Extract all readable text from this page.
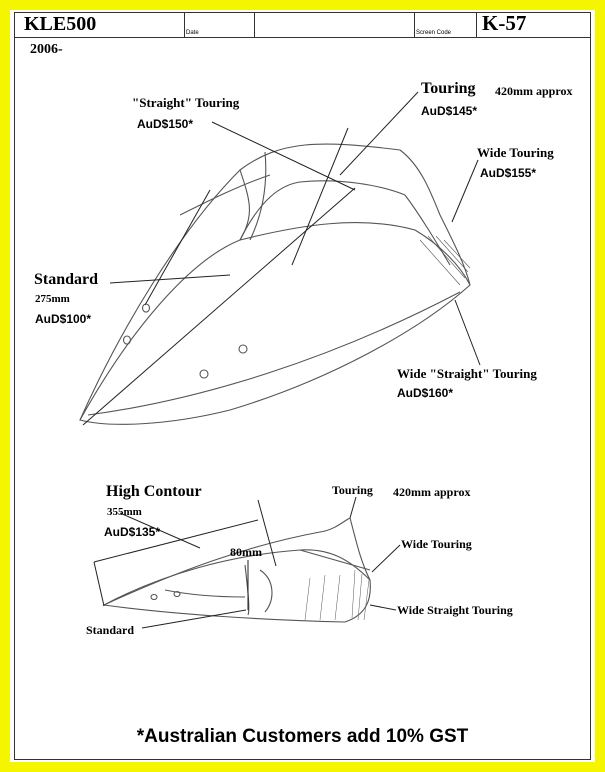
KLE500	Date	Screen Code K-57
2006-
"Straight" Touring
AuD$150*
Touring 420mm approx
AuD$145*
Wide Touring
AuD$155*
Standard
275mm
AuD$100*
Wide "Straight" Touring
AuD$160*
High Contour
355mm
AuD$135*
80mm
Touring 420mm approx
Wide Touring
Wide Straight Touring
Standard
*Australian Customers add 10% GST
